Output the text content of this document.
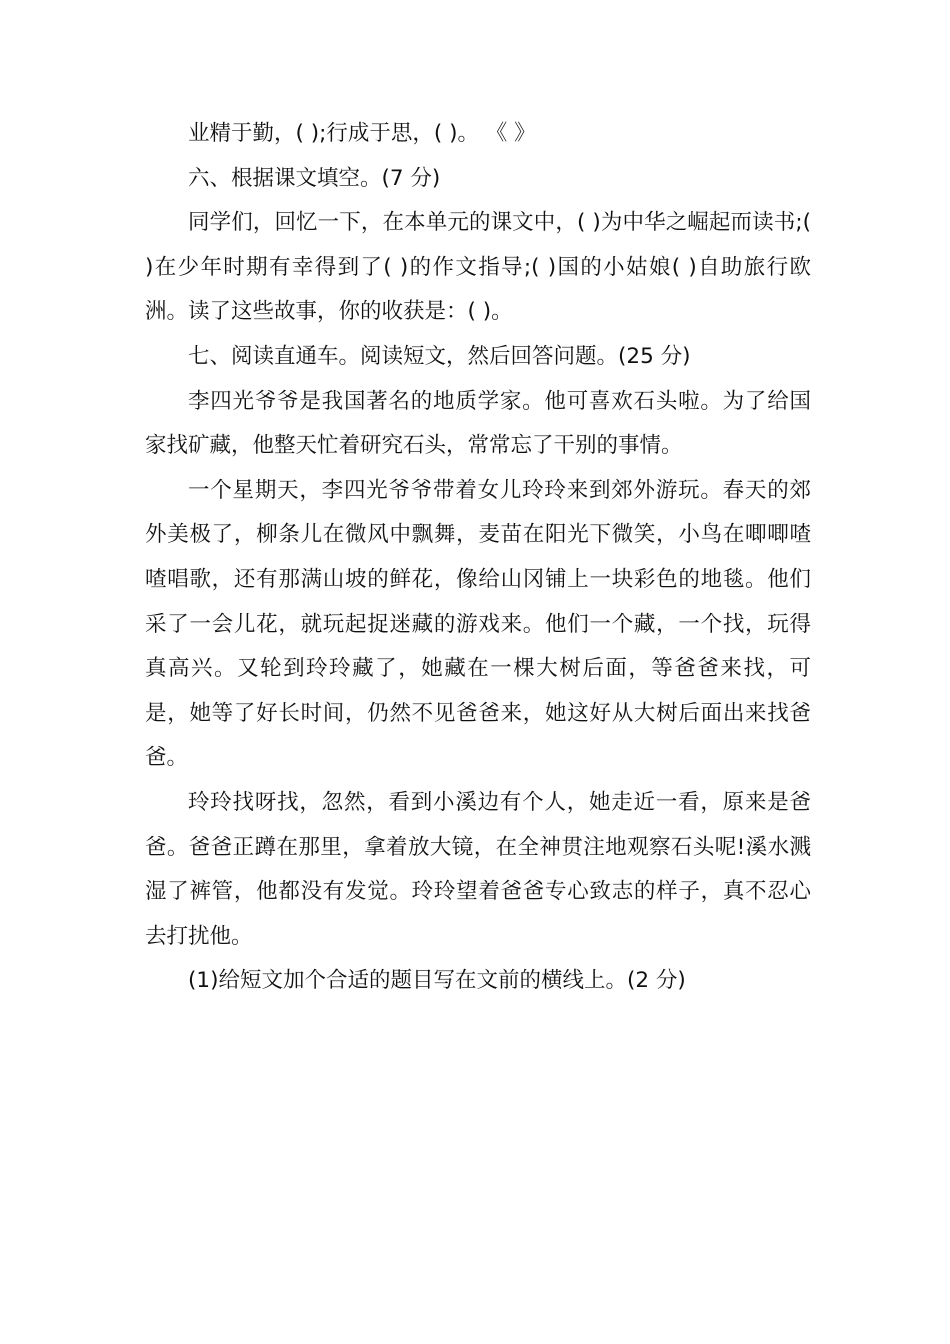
业精于勤，( );行成于思，( )。 《 》

六、根据课文填空。(7 分)

同学们，回忆一下，在本单元的课文中，( )为中华之崛起而读书;( )在少年时期有幸得到了( )的作文指导;( )国的小姑娘( )自助旅行欧洲。读了这些故事，你的收获是：( )。

七、阅读直通车。阅读短文，然后回答问题。(25 分)

李四光爷爷是我国著名的地质学家。他可喜欢石头啦。为了给国家找矿藏，他整天忙着研究石头，常常忘了干别的事情。

一个星期天，李四光爷爷带着女儿玲玲来到郊外游玩。春天的郊外美极了，柳条儿在微风中飘舞，麦苗在阳光下微笑，小鸟在唧唧喳喳唱歌，还有那满山坡的鲜花，像给山冈铺上一块彩色的地毯。他们采了一会儿花，就玩起捉迷藏的游戏来。他们一个藏，一个找，玩得真高兴。又轮到玲玲藏了，她藏在一棵大树后面，等爸爸来找，可是，她等了好长时间，仍然不见爸爸来，她这好从大树后面出来找爸爸。

玲玲找呀找，忽然，看到小溪边有个人，她走近一看，原来是爸爸。爸爸正蹲在那里，拿着放大镜，在全神贯注地观察石头呢!溪水溅湿了裤管，他都没有发觉。玲玲望着爸爸专心致志的样子，真不忍心去打扰他。

(1)给短文加个合适的题目写在文前的横线上。(2 分)
